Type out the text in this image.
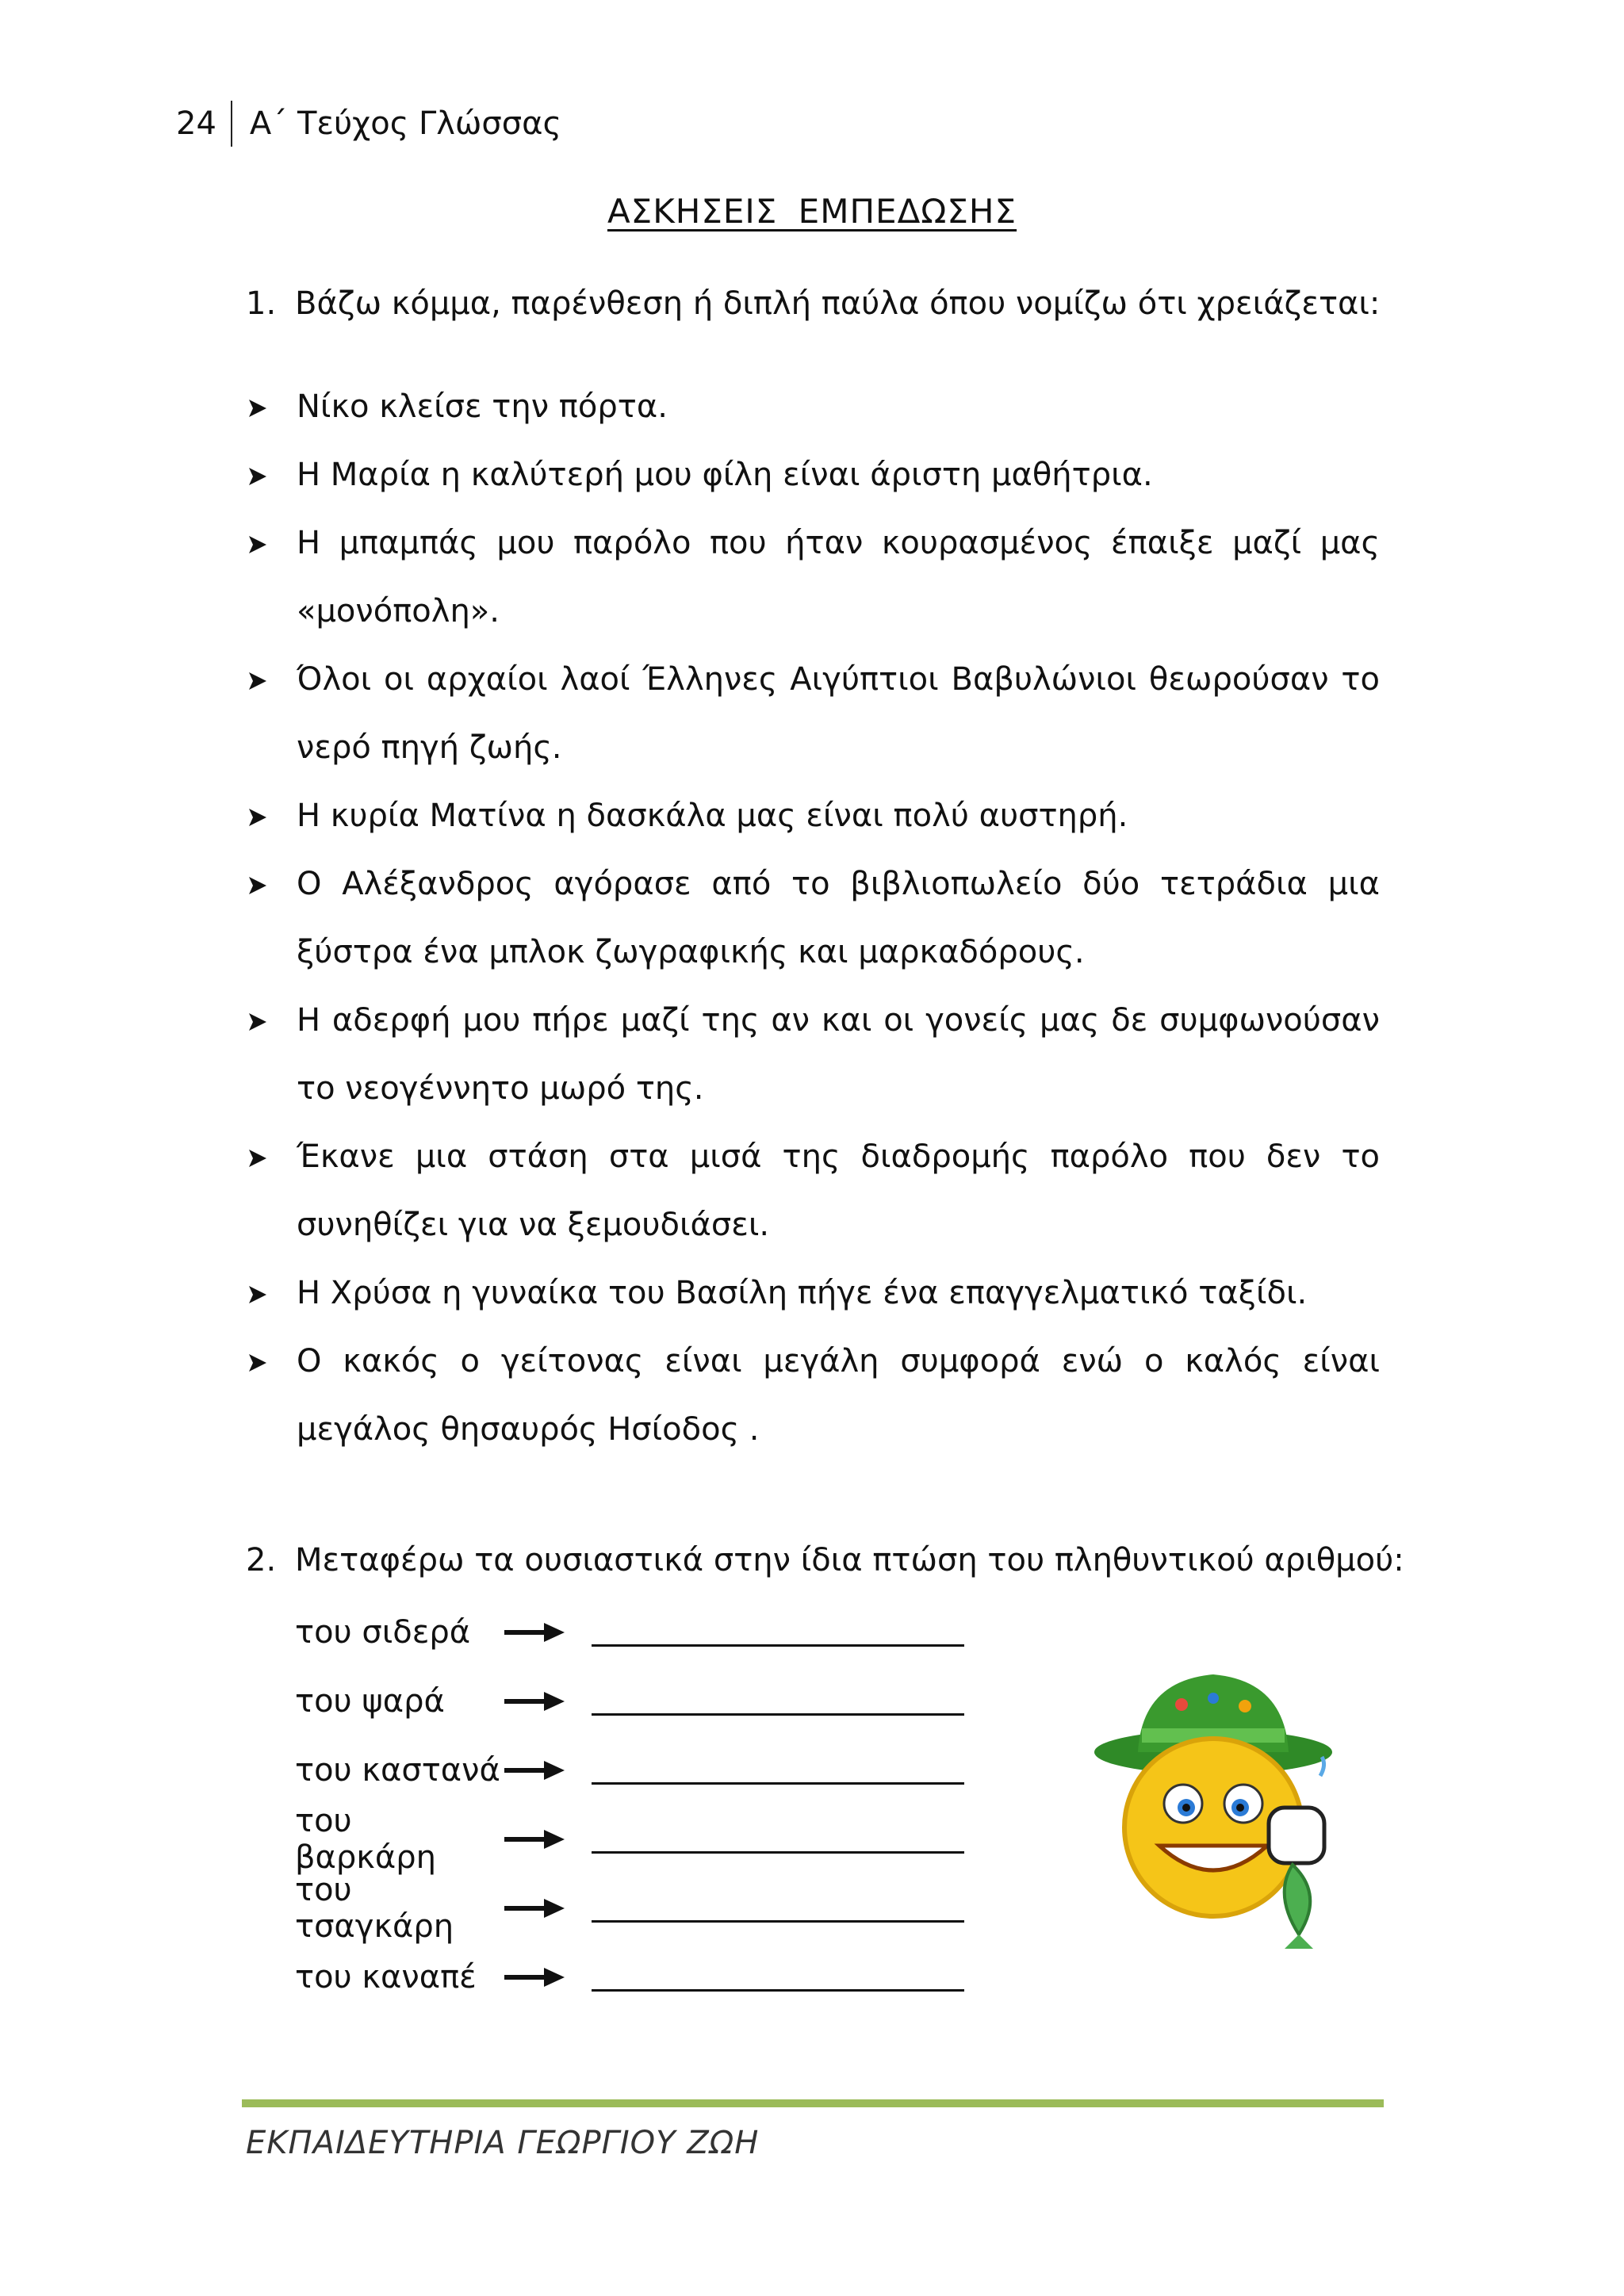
24	Α΄ Τεύχος Γλώσσας
ΑΣΚΗΣΕΙΣ ΕΜΠΕΔΩΣΗΣ
1. Βάζω κόμμα, παρένθεση ή διπλή παύλα όπου νομίζω ότι χρειάζεται:
Νίκο κλείσε την πόρτα.
Η Μαρία η καλύτερή μου φίλη είναι άριστη μαθήτρια.
Η μπαμπάς μου παρόλο που ήταν κουρασμένος έπαιξε μαζί μας «μονόπολη».
Όλοι οι αρχαίοι λαοί Έλληνες Αιγύπτιοι Βαβυλώνιοι θεωρούσαν το νερό πηγή ζωής.
Η κυρία Ματίνα η δασκάλα μας είναι πολύ αυστηρή.
Ο Αλέξανδρος αγόρασε από το βιβλιοπωλείο δύο τετράδια μια ξύστρα ένα μπλοκ ζωγραφικής και μαρκαδόρους.
Η αδερφή μου πήρε μαζί της αν και οι γονείς μας δε συμφωνούσαν το νεογέννητο μωρό της.
Έκανε μια στάση στα μισά της διαδρομής παρόλο που δεν το συνηθίζει για να ξεμουδιάσει.
Η Χρύσα η γυναίκα του Βασίλη πήγε ένα επαγγελματικό ταξίδι.
Ο κακός ο γείτονας είναι μεγάλη συμφορά ενώ ο καλός είναι μεγάλος θησαυρός Ησίοδος .
2. Μεταφέρω τα ουσιαστικά στην ίδια πτώση του πληθυντικού αριθμού:
του σιδερά
του ψαρά
του καστανά
του βαρκάρη
του τσαγκάρη
του καναπέ
ΕΚΠΑΙΔΕΥΤΗΡΙΑ ΓΕΩΡΓΙΟΥ ΖΩΗ
